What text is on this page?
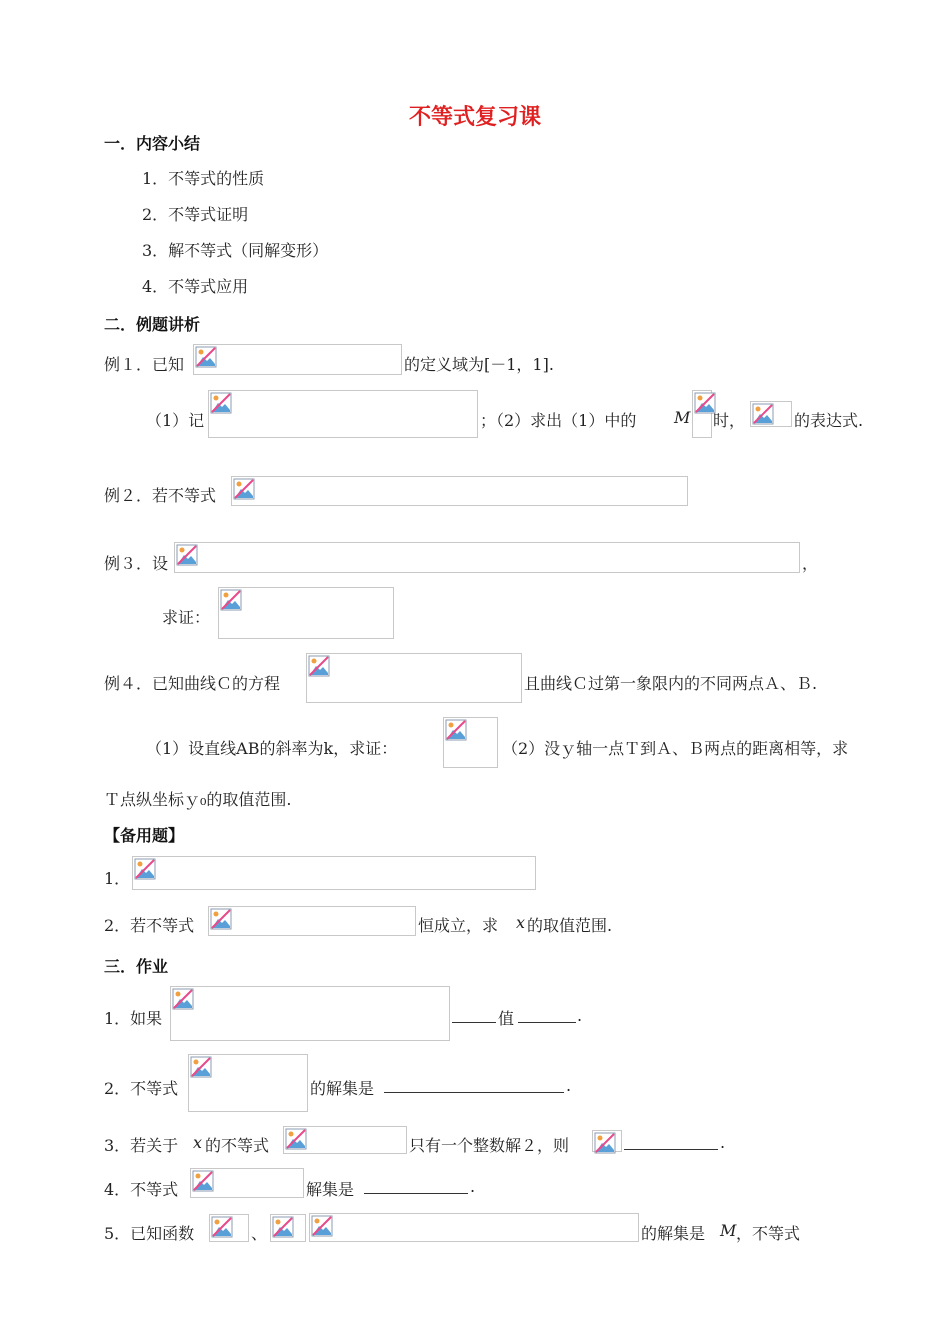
不等式复习课
一．内容小结
1．不等式的性质
2．不等式证明
3．解不等式（同解变形）
4．不等式应用
二．例题讲析
例１．已知	的定义域为[－1，1].
（1）记	；（2）求出（1）中的 M 时，	的表达式.
例２．若不等式
例３．设	，
求证：
例４．已知曲线Ｃ的方程	且曲线Ｃ过第一象限内的不同两点Ａ、Ｂ.
（1）设直线AB的斜率为k，求证：	（2）没ｙ轴一点Ｔ到Ａ、Ｂ两点的距离相等，求
Ｔ点纵坐标ｙ₀的取值范围.
【备用题】
1．
2．若不等式	恒成立，求 x 的取值范围.
三．作业
1．如果	值	.
2．不等式	的解集是	.
3．若关于 x 的不等式	只有一个整数解２，则	.
4．不等式	解集是	.
5．已知函数	、	的解集是 M ，不等式
